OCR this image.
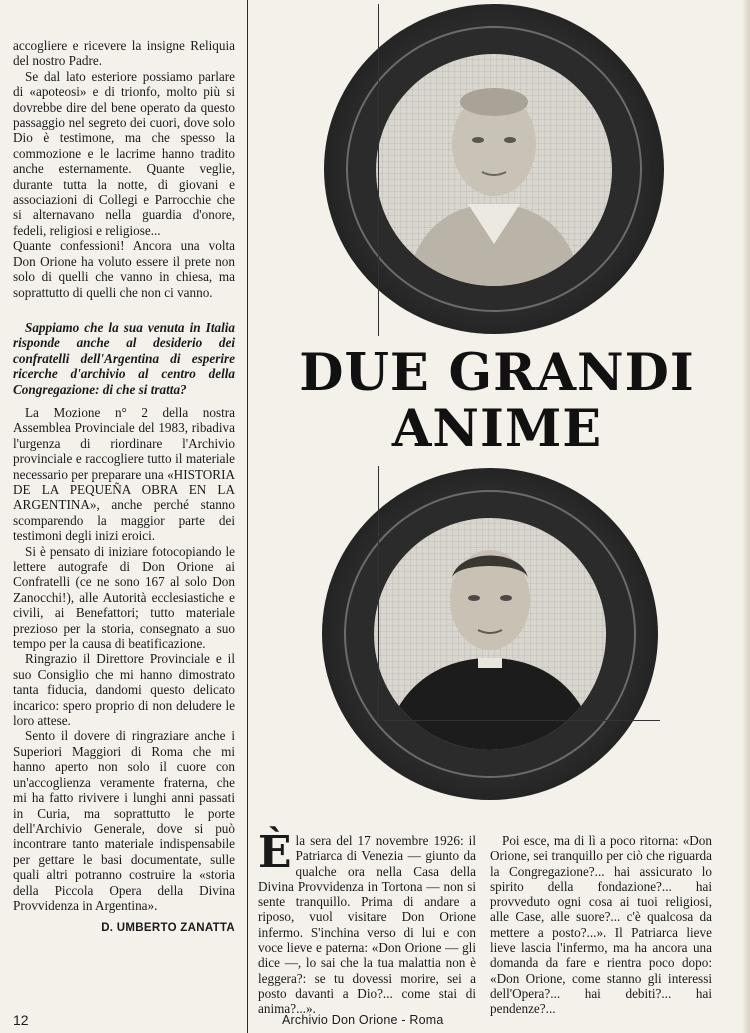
accogliere e ricevere la insigne Reliquia del nostro Padre.

Se dal lato esteriore possiamo parlare di «apoteosi» e di trionfo, molto più si dovrebbe dire del bene operato da questo passaggio nel segreto dei cuori, dove solo Dio è testimone, ma che spesso la commozione e le lacrime hanno tradito anche esternamente. Quante veglie, durante tutta la notte, di giovani e associazioni di Collegi e Parrocchie che si alternavano nella guardia d'onore, fedeli, religiosi e religiose...

Quante confessioni! Ancora una volta Don Orione ha voluto essere il prete non solo di quelli che vanno in chiesa, ma soprattutto di quelli che non ci vanno.

Sappiamo che la sua venuta in Italia risponde anche al desiderio dei confratelli dell'Argentina di esperire ricerche d'archivio al centro della Congregazione: di che si tratta?

La Mozione n° 2 della nostra Assemblea Provinciale del 1983, ribadiva l'urgenza di riordinare l'Archivio provinciale e raccogliere tutto il materiale necessario per preparare una «HISTORIA DE LA PEQUEÑA OBRA EN LA ARGENTINA», anche perché stanno scomparendo la maggior parte dei testimoni degli inizi eroici.

Si è pensato di iniziare fotocopiando le lettere autografe di Don Orione ai Confratelli (ce ne sono 167 al solo Don Zanocchi!), alle Autorità ecclesiastiche e civili, ai Benefattori; tutto materiale prezioso per la storia, consegnato a suo tempo per la causa di beatificazione.

Ringrazio il Direttore Provinciale e il suo Consiglio che mi hanno dimostrato tanta fiducia, dandomi questo delicato incarico: spero proprio di non deludere le loro attese.

Sento il dovere di ringraziare anche i Superiori Maggiori di Roma che mi hanno aperto non solo il cuore con un'accoglienza veramente fraterna, che mi ha fatto rivivere i lunghi anni passati in Curia, ma soprattutto le porte dell'Archivio Generale, dove si può incontrare tanto materiale indispensabile per gettare le basi documentate, sulle quali altri potranno costruire la «storia della Piccola Opera della Divina Provvidenza in Argentina».

D. UMBERTO ZANATTA
DUE GRANDI
ANIME
È la sera del 17 novembre 1926: il Patriarca di Venezia — giunto da qualche ora nella Casa della Divina Provvidenza in Tortona — non si sente tranquillo. Prima di andare a riposo, vuol visitare Don Orione infermo. S'inchina verso di lui e con voce lieve e paterna: «Don Orione — gli dice —, lo sai che la tua malattia non è leggera?: se tu dovessi morire, sei a posto davanti a Dio?... come stai di anima?...».

Poi esce, ma di lì a poco ritorna: «Don Orione, sei tranquillo per ciò che riguarda la Congregazione?... hai assicurato lo spirito della fondazione?... hai provveduto ogni cosa ai tuoi religiosi, alle Case, alle suore?... c'è qualcosa da mettere a posto?...». Il Patriarca lieve lieve lascia l'infermo, ma ha ancora una domanda da fare e rientra poco dopo: «Don Orione, come stanno gli interessi dell'Opera?... hai debiti?... hai pendenze?...

12	Archivio Don Orione - Roma
